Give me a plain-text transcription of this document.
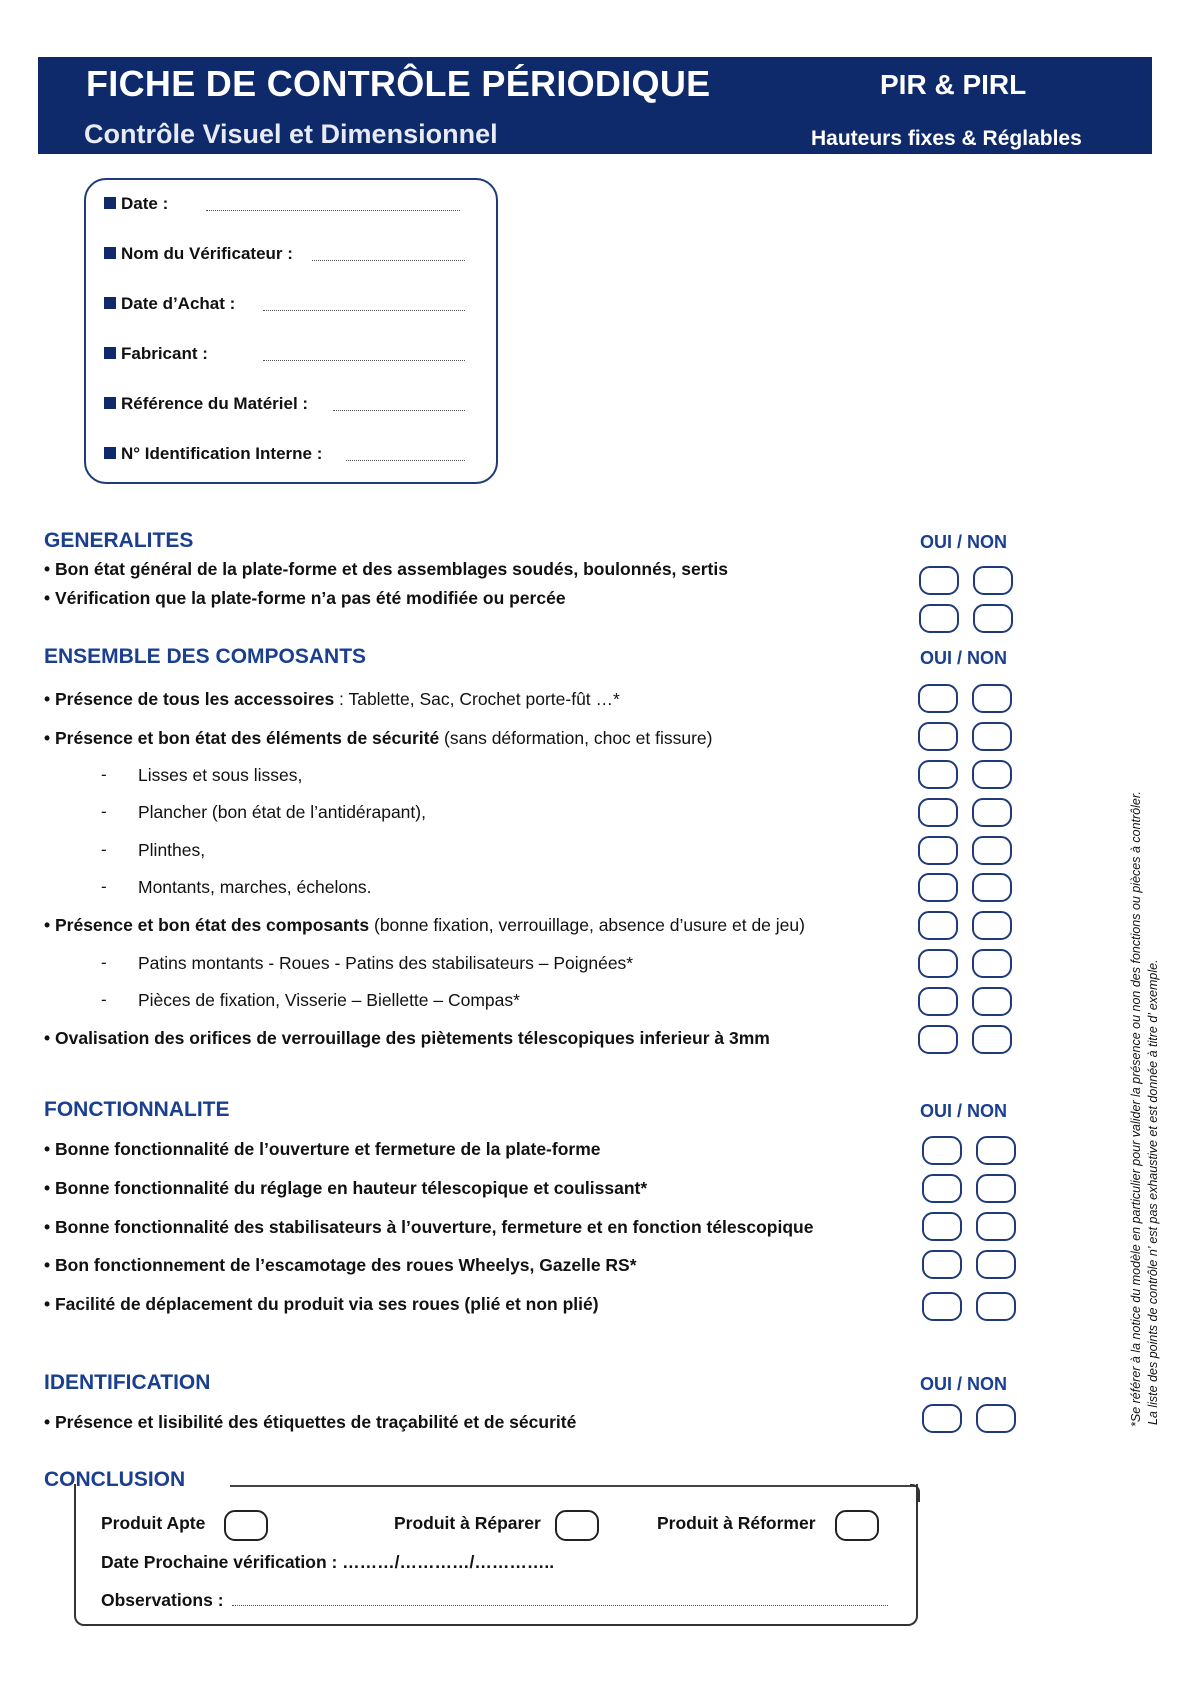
FICHE DE CONTRÔLE PÉRIODIQUE
Contrôle Visuel et Dimensionnel
PIR & PIRL
Hauteurs fixes & Réglables
Date :
Nom du Vérificateur :
Date d’Achat :
Fabricant :
Référence du Matériel :
N° Identification Interne :
GENERALITES	OUI / NON
• Bon état général de la plate-forme et des assemblages soudés, boulonnés, sertis
• Vérification que la plate-forme n’a pas été modifiée ou percée
ENSEMBLE DES COMPOSANTS	OUI / NON
• Présence de tous les accessoires : Tablette, Sac, Crochet porte-fût …*
• Présence et bon état des éléments de sécurité (sans déformation, choc et fissure)
- Lisses et sous lisses,
- Plancher (bon état de l’antidérapant),
- Plinthes,
- Montants, marches, échelons.
• Présence et bon état des composants (bonne fixation, verrouillage, absence d’usure et de jeu)
- Patins montants - Roues - Patins des stabilisateurs – Poignées*
- Pièces de fixation, Visserie – Biellette – Compas*
• Ovalisation des orifices de verrouillage des piètements télescopiques inferieur à 3mm
FONCTIONNALITE	OUI / NON
• Bonne fonctionnalité de l’ouverture et fermeture de la plate-forme
• Bonne fonctionnalité du réglage en hauteur télescopique et coulissant*
• Bonne fonctionnalité des stabilisateurs à l’ouverture, fermeture et en fonction télescopique
• Bon fonctionnement de l’escamotage des roues Wheelys, Gazelle RS*
• Facilité de déplacement du produit via ses roues (plié et non plié)
IDENTIFICATION	OUI / NON
• Présence et lisibilité des étiquettes de traçabilité et de sécurité
CONCLUSION
Produit Apte	Produit à Réparer	Produit à Réformer
Date Prochaine vérification : ………/…………/…………..
Observations :
*Se référer à la notice du modèle en particulier pour valider la présence ou non des fonctions ou pièces à contrôler. La liste des points de contrôle n’ est pas exhaustive et est donnée à titre d’ exemple.
